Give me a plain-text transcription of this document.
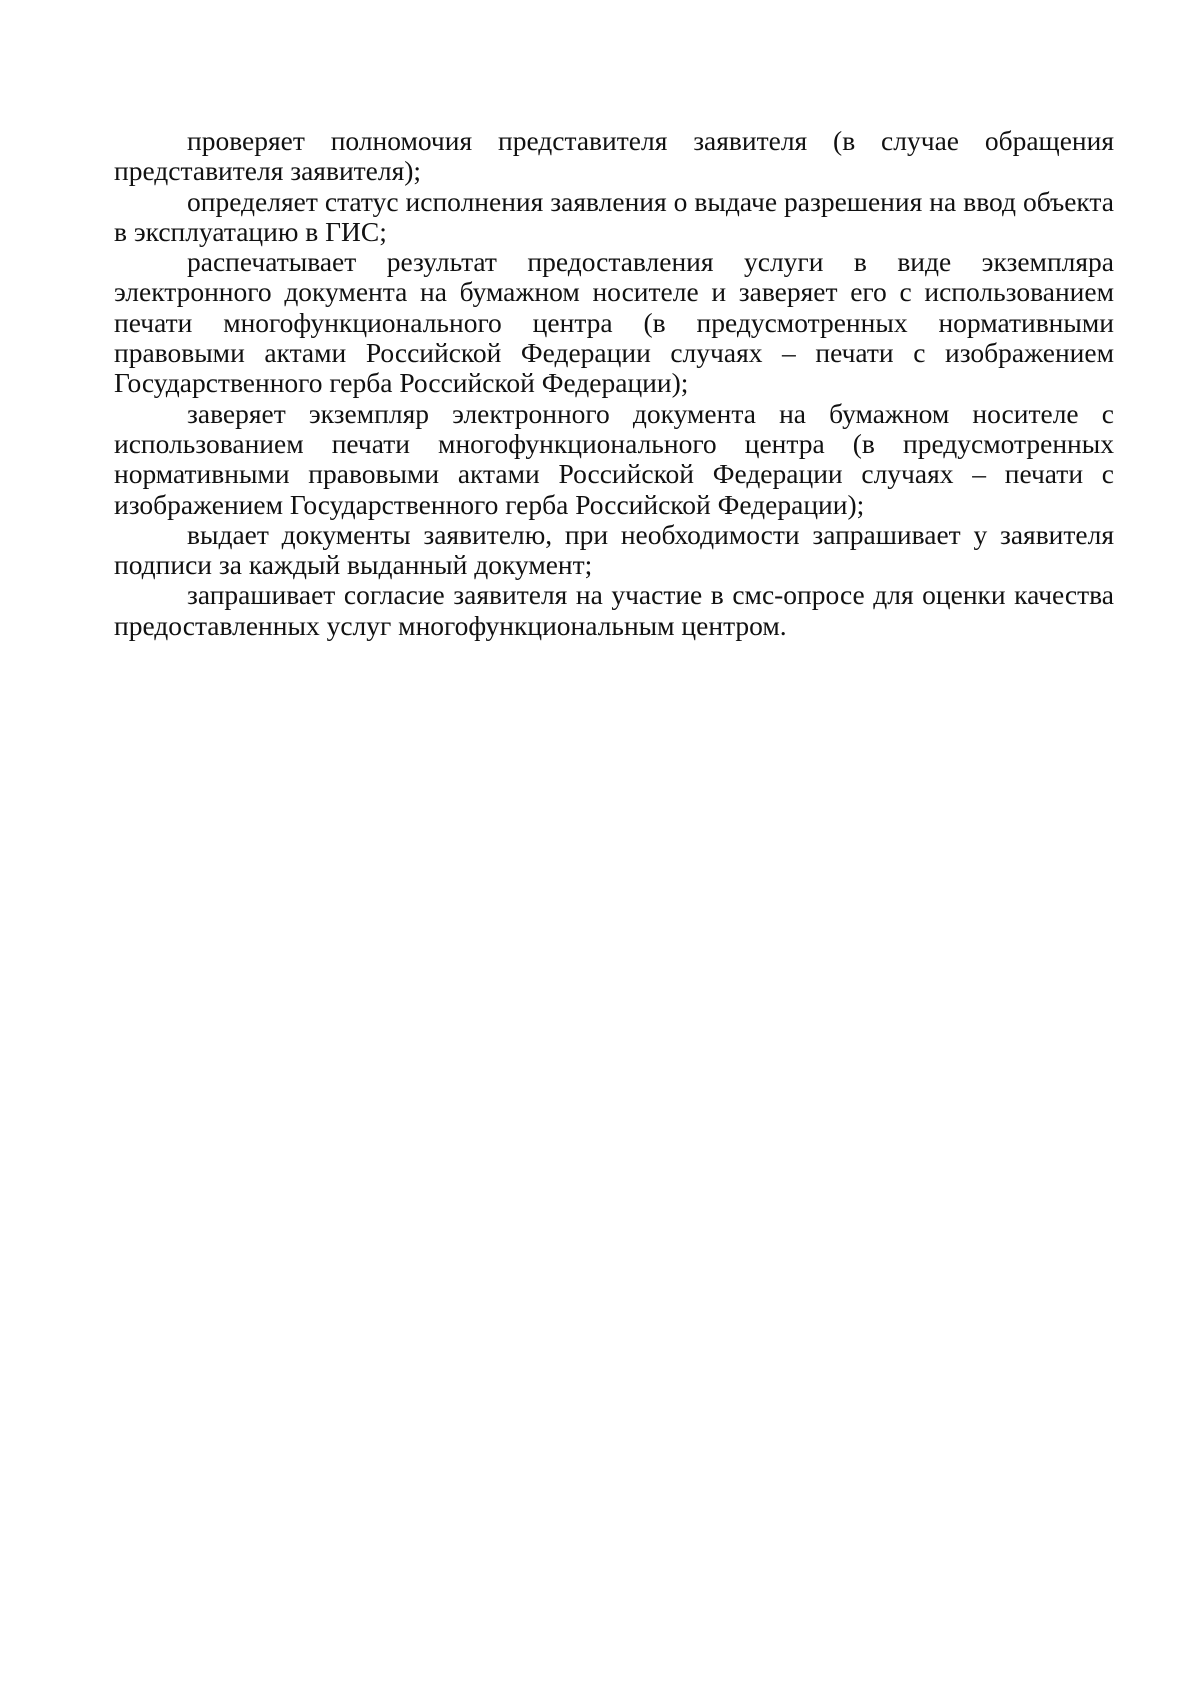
проверяет полномочия представителя заявителя (в случае обращения представителя заявителя);

определяет статус исполнения заявления о выдаче разрешения на ввод объекта в эксплуатацию в ГИС;

распечатывает результат предоставления услуги в виде экземпляра электронного документа на бумажном носителе и заверяет его с использованием печати многофункционального центра (в предусмотренных нормативными правовыми актами Российской Федерации случаях – печати с изображением Государственного герба Российской Федерации);

заверяет экземпляр электронного документа на бумажном носителе с использованием печати многофункционального центра (в предусмотренных нормативными правовыми актами Российской Федерации случаях – печати с изображением Государственного герба Российской Федерации);

выдает документы заявителю, при необходимости запрашивает у заявителя подписи за каждый выданный документ;

запрашивает согласие заявителя на участие в смс-опросе для оценки качества предоставленных услуг многофункциональным центром.
